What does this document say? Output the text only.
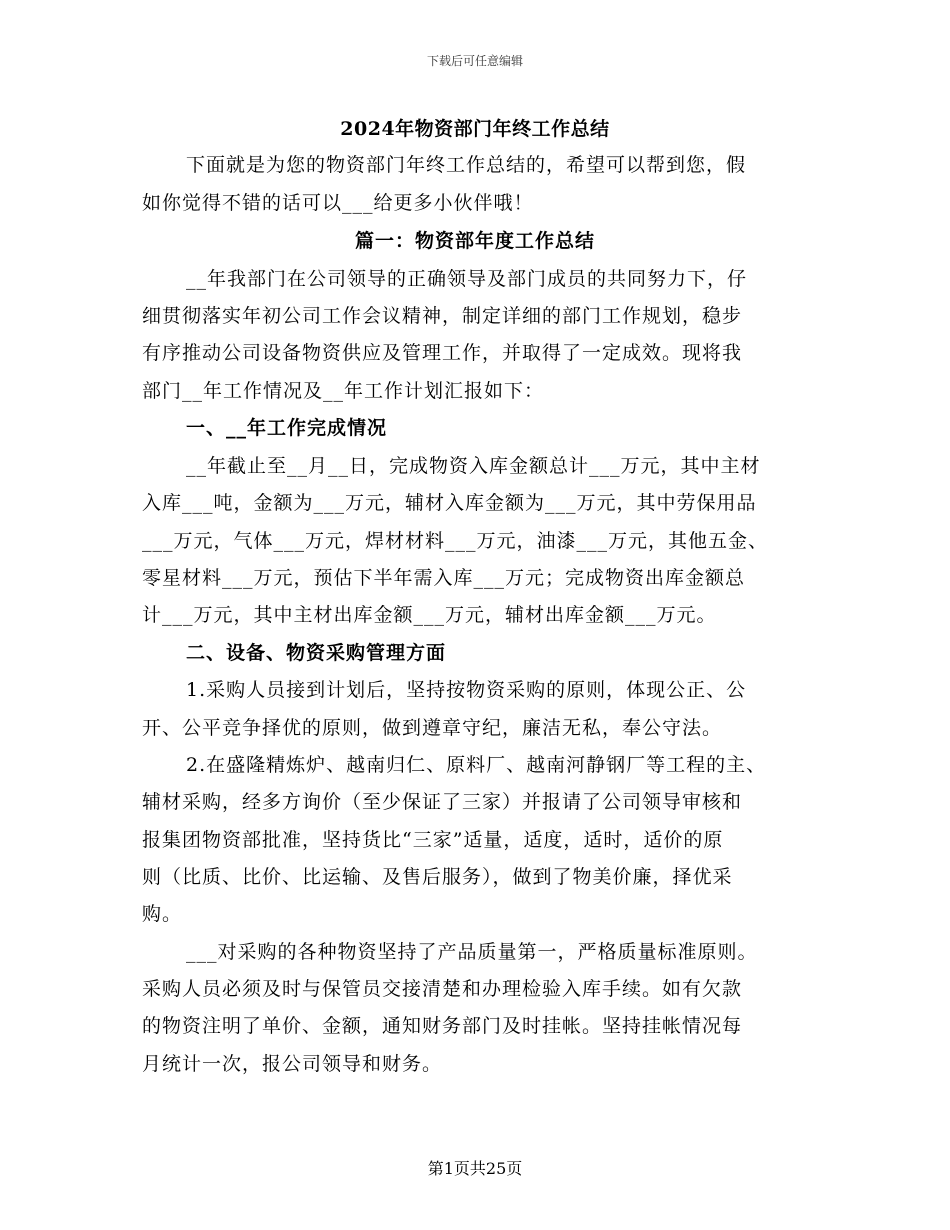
下载后可任意编辑
2024年物资部门年终工作总结
下面就是为您的物资部门年终工作总结的，希望可以帮到您，假
如你觉得不错的话可以___给更多小伙伴哦！
篇一：物资部年度工作总结
__年我部门在公司领导的正确领导及部门成员的共同努力下，仔
细贯彻落实年初公司工作会议精神，制定详细的部门工作规划，稳步
有序推动公司设备物资供应及管理工作，并取得了一定成效。现将我
部门__年工作情况及__年工作计划汇报如下：
一、__年工作完成情况
__年截止至__月__日，完成物资入库金额总计___万元，其中主材
入库___吨，金额为___万元，辅材入库金额为___万元，其中劳保用品
___万元，气体___万元，焊材材料___万元，油漆___万元，其他五金、
零星材料___万元，预估下半年需入库___万元；完成物资出库金额总
计___万元，其中主材出库金额___万元，辅材出库金额___万元。
二、设备、物资采购管理方面
1.采购人员接到计划后，坚持按物资采购的原则，体现公正、公
开、公平竞争择优的原则，做到遵章守纪，廉洁无私，奉公守法。
2.在盛隆精炼炉、越南归仁、原料厂、越南河静钢厂等工程的主、
辅材采购，经多方询价（至少保证了三家）并报请了公司领导审核和
报集团物资部批准，坚持货比“三家”适量，适度，适时，适价的原
则（比质、比价、比运输、及售后服务），做到了物美价廉，择优采
购。
___对采购的各种物资坚持了产品质量第一，严格质量标准原则。
采购人员必须及时与保管员交接清楚和办理检验入库手续。如有欠款
的物资注明了单价、金额，通知财务部门及时挂帐。坚持挂帐情况每
月统计一次，报公司领导和财务。
第1页共25页
